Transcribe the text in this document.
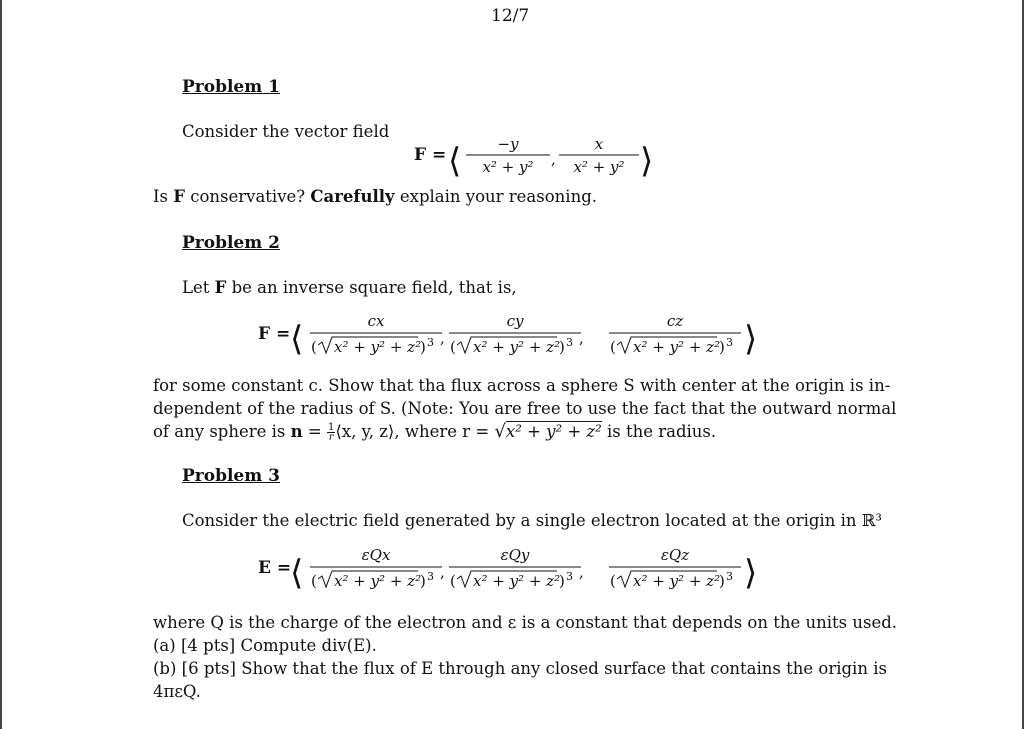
12/7
Problem 1
Consider the vector field
F = ⟨ −y
x² + y² ,
x
x² + y² ⟩
Is F conservative? Carefully explain your reasoning.
Problem 2
Let F be an inverse square field, that is,
F = ⟨	cx
( x² + y² + z²
) 3 ,
cy
( x² + y² + z²
) 3 ,
cz
( x² + y² + z²
) 3 ⟩
for some constant c. Show that tha flux across a sphere S with center at the origin is in-
dependent of the radius of S. (Note: You are free to use the fact that the outward normal
of any sphere is $n = \frac{1}{r}$ ⟨x, y, z⟩, where r = √x² + y² + z² is the radius.
Problem 3
Consider the electric field generated by a single electron located at the origin in ℝ³
E =
⟨	εQx
( x² + y² + z²
) 3 ,
εQy
( x² + y² + z²
) 3 ,
εQz
( x² + y² + z²
) 3 ⟩
where Q is the charge of the electron and ε is a constant that depends on the units used.
(a) [4 pts] Compute div(E).
(b) [6 pts] Show that the flux of E through any closed surface that contains the origin is
4πεQ.
